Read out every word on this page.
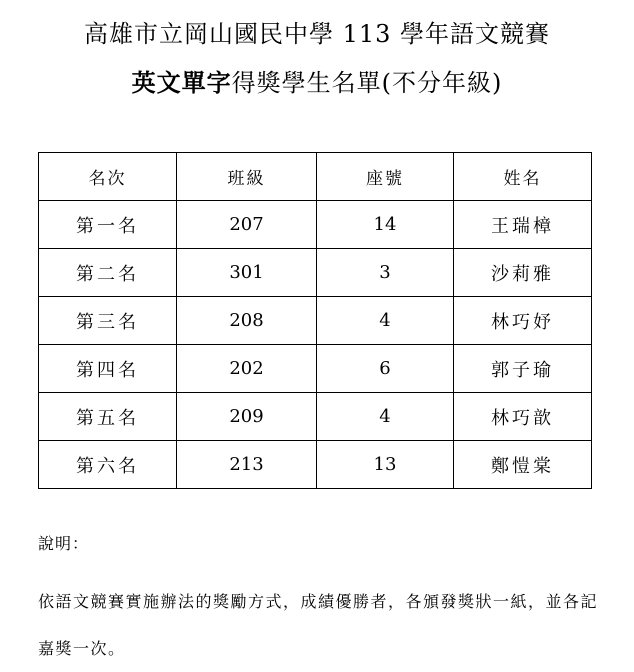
高雄市立岡山國民中學 113 學年語文競賽
英文單字得獎學生名單(不分年級)
名次	班級	座號	姓名
第一名	207	14	王瑞樟
第二名	301	3	沙莉雅
第三名	208	4	林巧妤
第四名	202	6	郭子瑜
第五名	209	4	林巧歆
第六名	213	13	鄭愷棠
說明：
依語文競賽實施辦法的獎勵方式，成績優勝者，各頒發獎狀一紙，並各記嘉獎一次。
